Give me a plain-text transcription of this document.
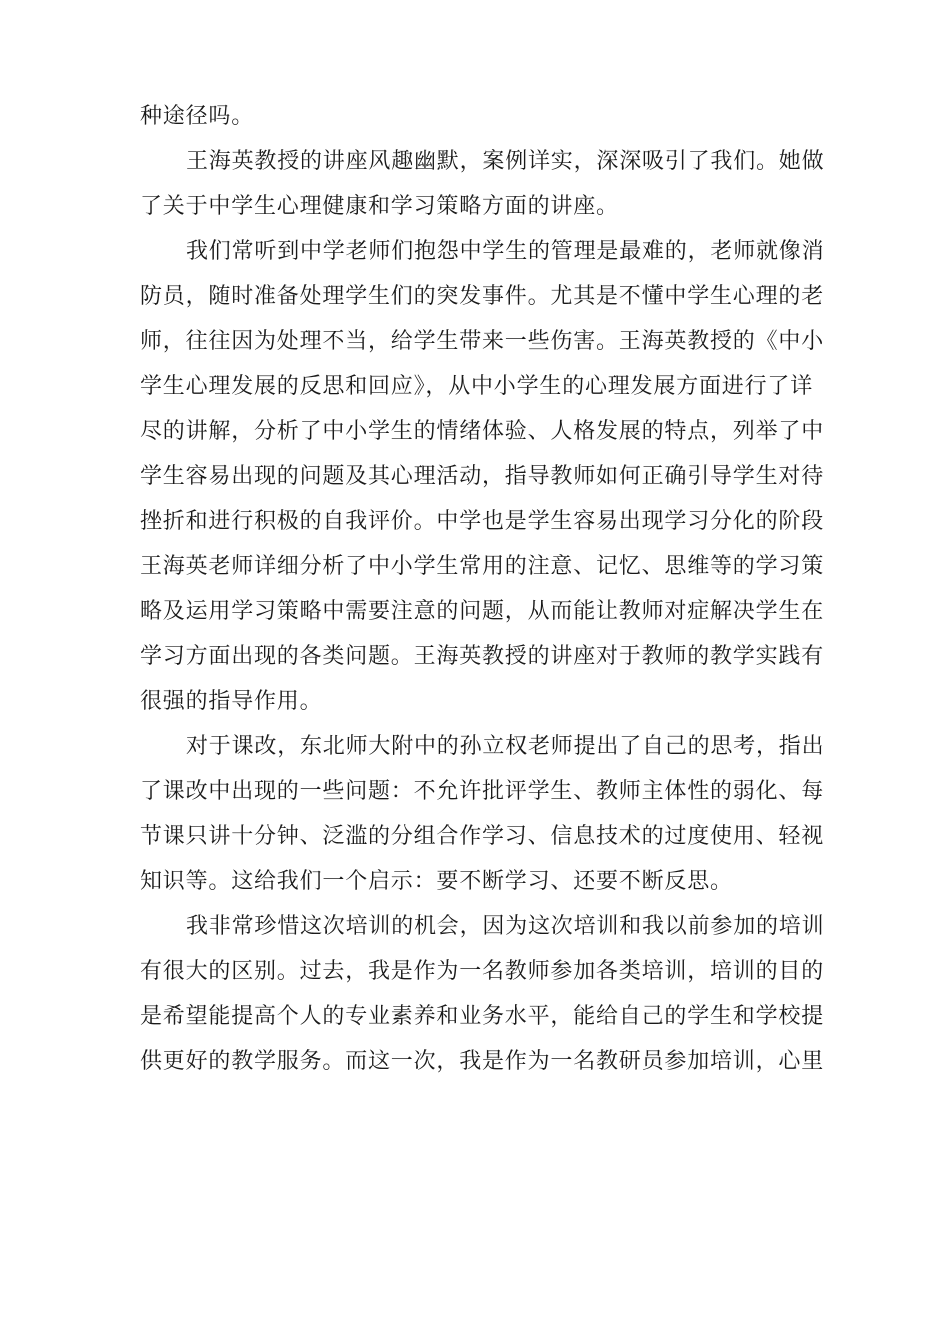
种途径吗。
王海英教授的讲座风趣幽默，案例详实，深深吸引了我们。她做
了关于中学生心理健康和学习策略方面的讲座。
我们常听到中学老师们抱怨中学生的管理是最难的，老师就像消
防员，随时准备处理学生们的突发事件。尤其是不懂中学生心理的老
师，往往因为处理不当，给学生带来一些伤害。王海英教授的《中小
学生心理发展的反思和回应》，从中小学生的心理发展方面进行了详
尽的讲解，分析了中小学生的情绪体验、人格发展的特点，列举了中
学生容易出现的问题及其心理活动，指导教师如何正确引导学生对待
挫折和进行积极的自我评价。中学也是学生容易出现学习分化的阶段
王海英老师详细分析了中小学生常用的注意、记忆、思维等的学习策
略及运用学习策略中需要注意的问题，从而能让教师对症解决学生在
学习方面出现的各类问题。王海英教授的讲座对于教师的教学实践有
很强的指导作用。
对于课改，东北师大附中的孙立权老师提出了自己的思考，指出
了课改中出现的一些问题：不允许批评学生、教师主体性的弱化、每
节课只讲十分钟、泛滥的分组合作学习、信息技术的过度使用、轻视
知识等。这给我们一个启示：要不断学习、还要不断反思。
我非常珍惜这次培训的机会，因为这次培训和我以前参加的培训
有很大的区别。过去，我是作为一名教师参加各类培训，培训的目的
是希望能提高个人的专业素养和业务水平，能给自己的学生和学校提
供更好的教学服务。而这一次，我是作为一名教研员参加培训，心里
